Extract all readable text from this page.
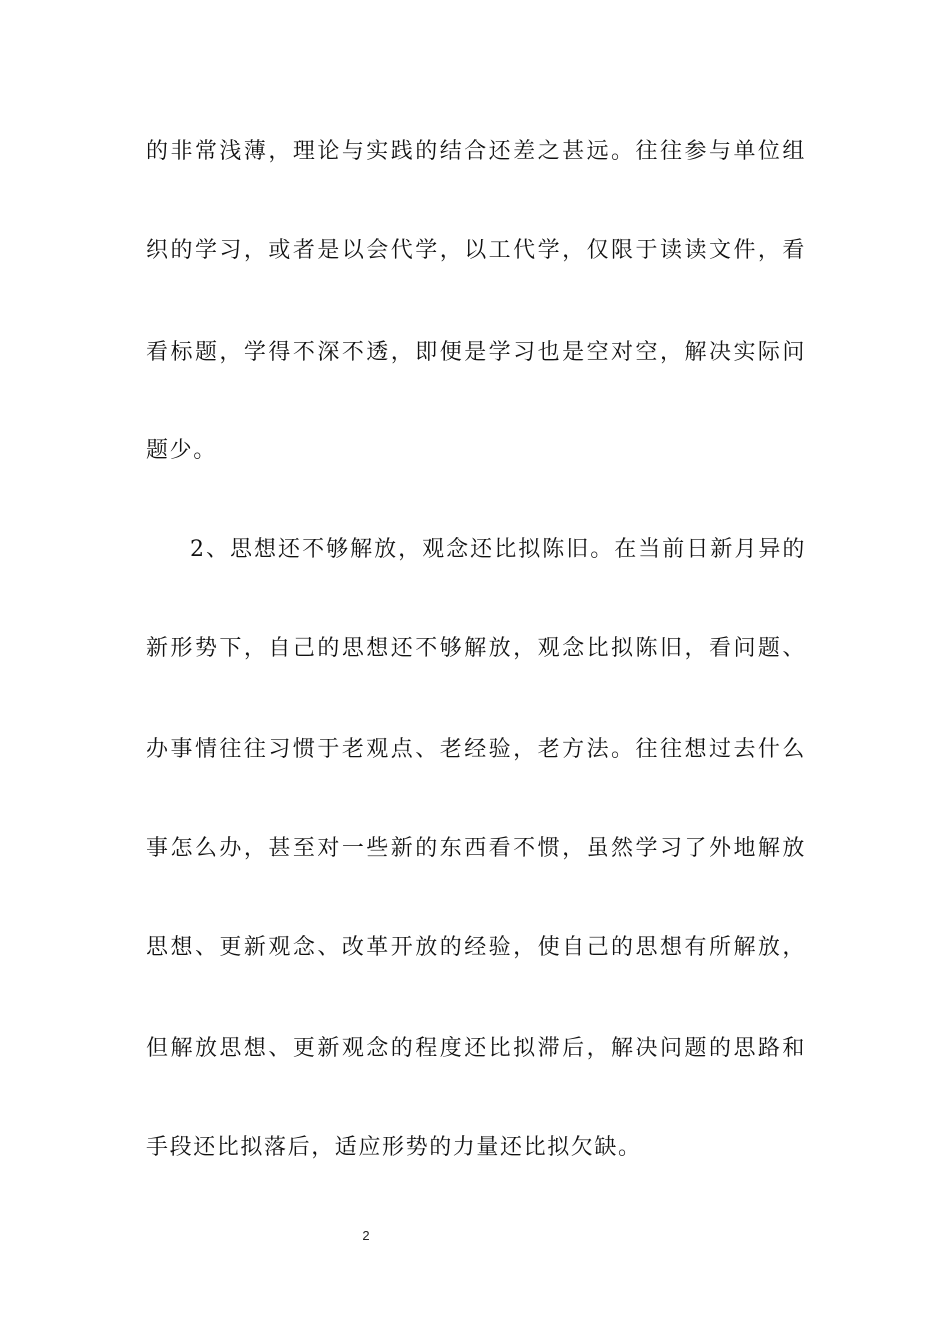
的非常浅薄，理论与实践的结合还差之甚远。往往参与单位组
织的学习，或者是以会代学，以工代学，仅限于读读文件，看
看标题，学得不深不透，即便是学习也是空对空，解决实际问
题少。
2、思想还不够解放，观念还比拟陈旧。在当前日新月异的
新形势下，自己的思想还不够解放，观念比拟陈旧，看问题、
办事情往往习惯于老观点、老经验，老方法。往往想过去什么
事怎么办，甚至对一些新的东西看不惯，虽然学习了外地解放
思想、更新观念、改革开放的经验，使自己的思想有所解放，
但解放思想、更新观念的程度还比拟滞后，解决问题的思路和
手段还比拟落后，适应形势的力量还比拟欠缺。
2
